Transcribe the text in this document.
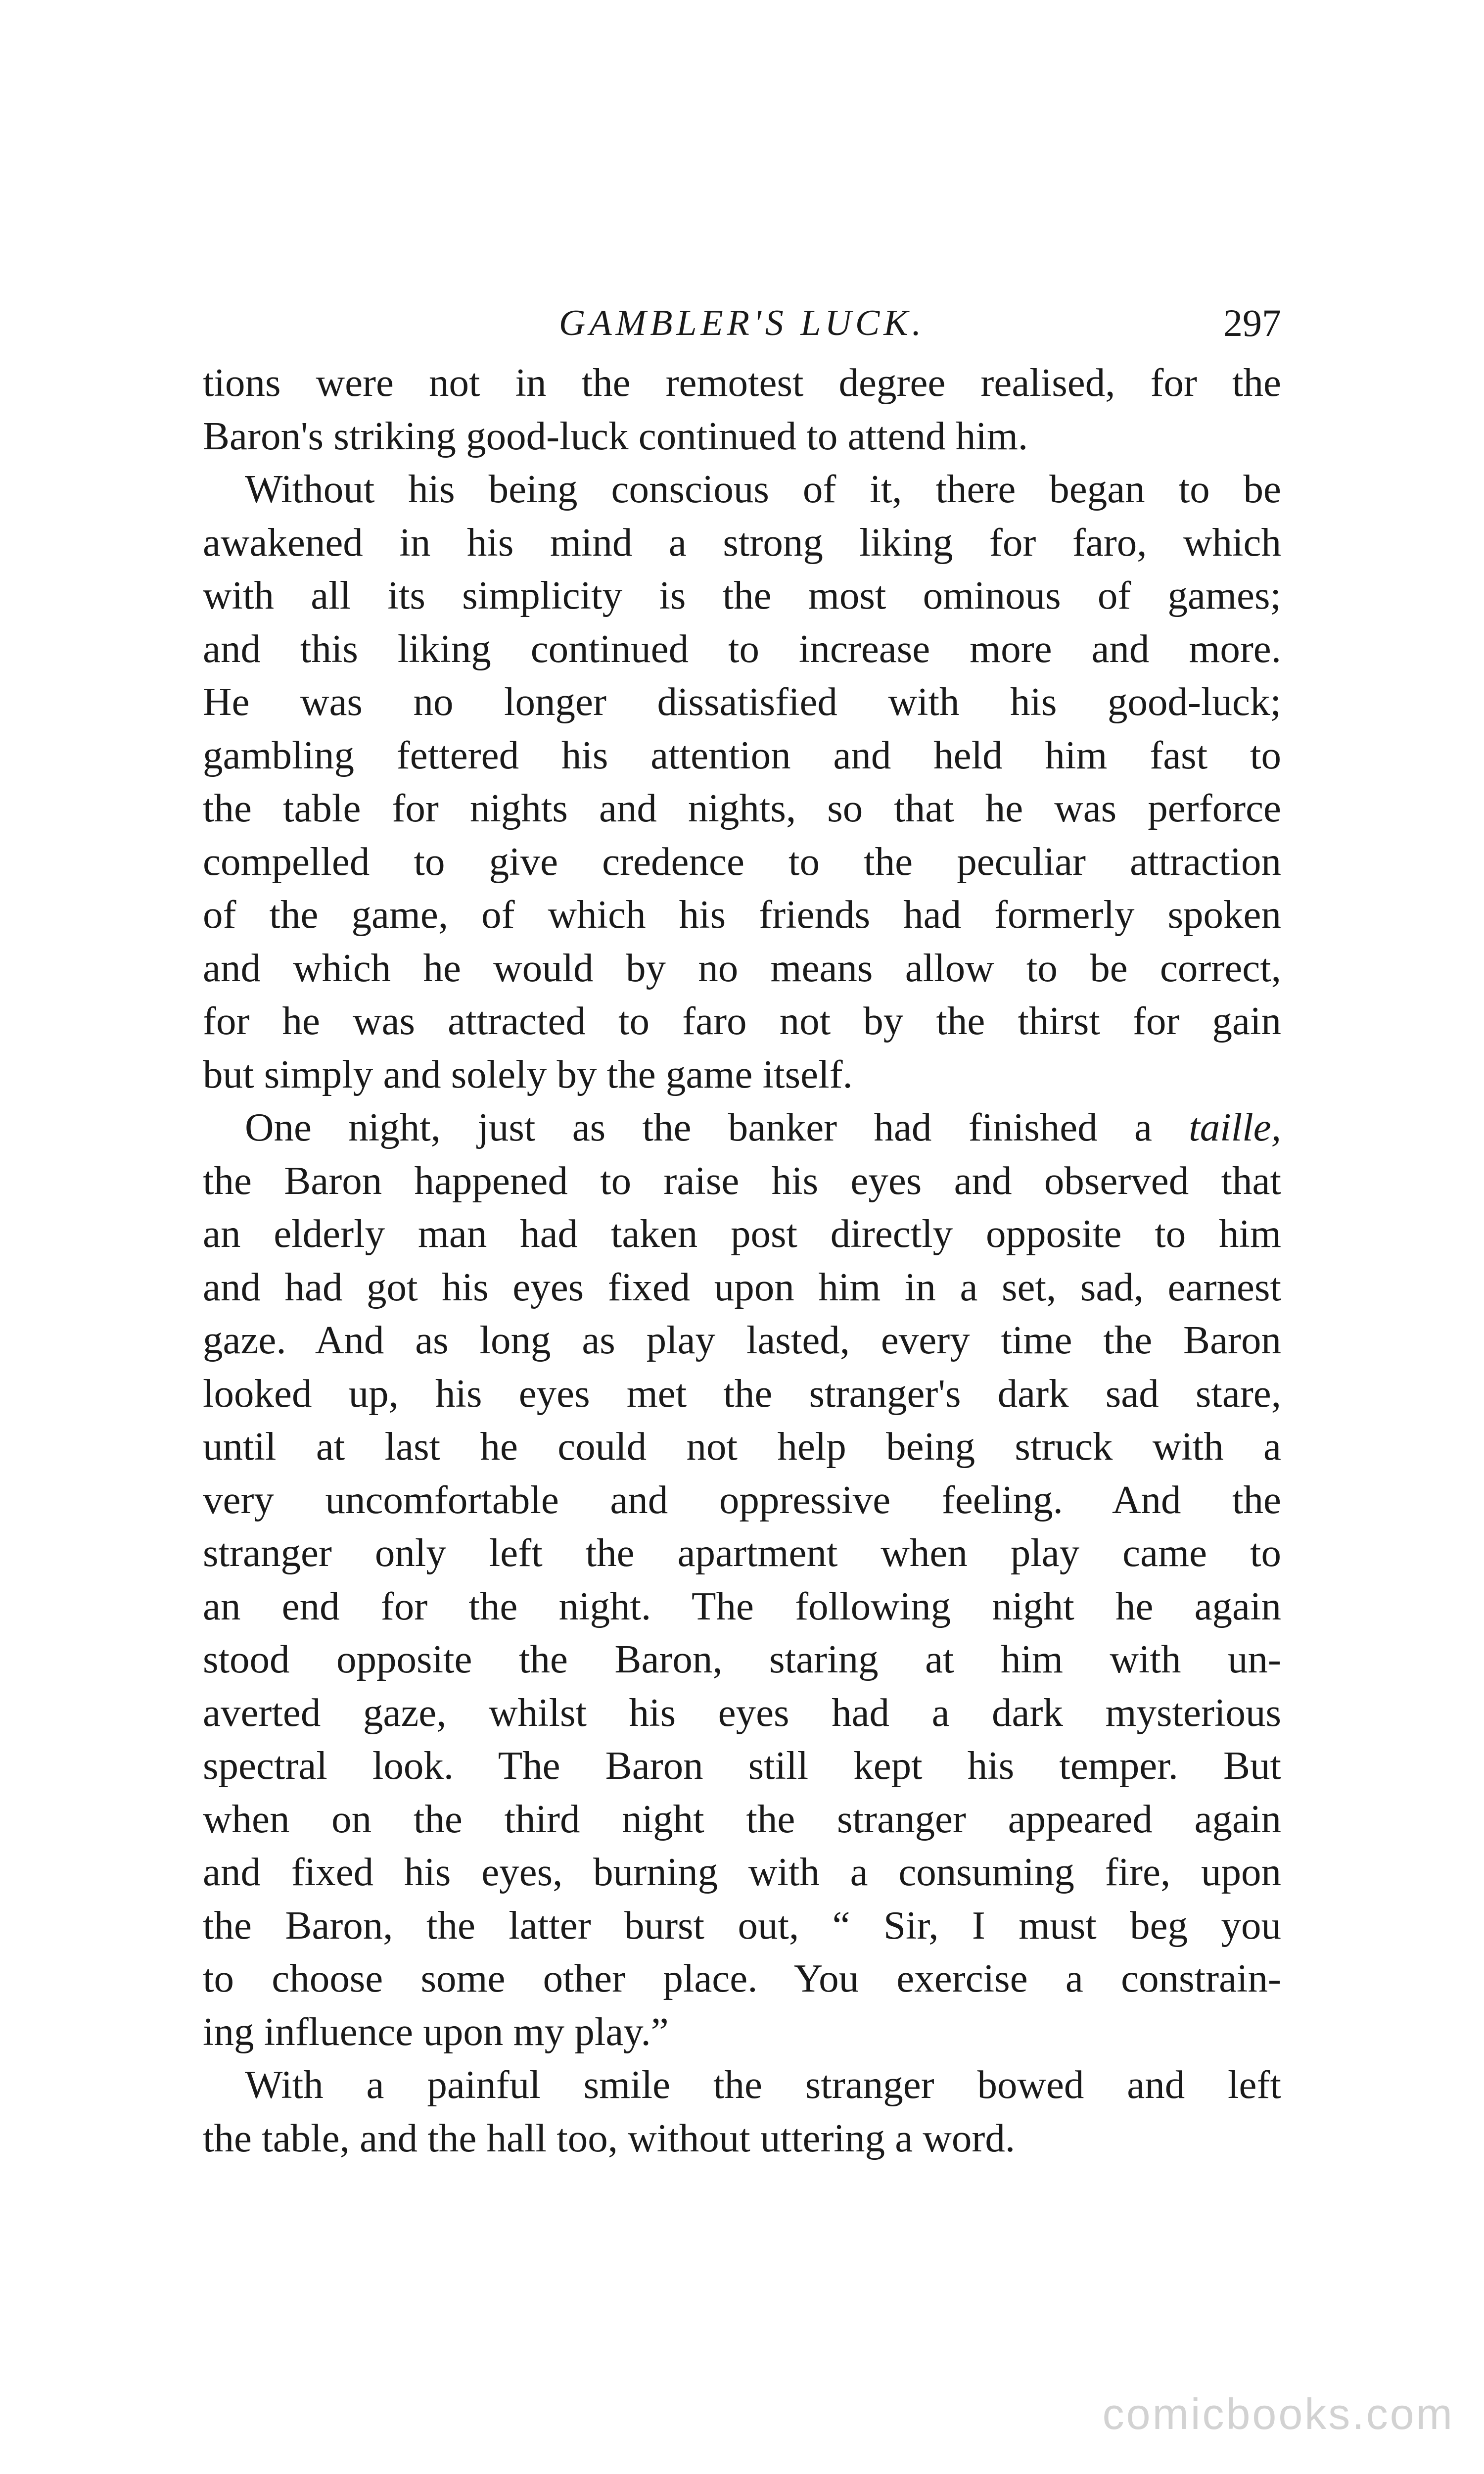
GAMBLER'S LUCK.	297
tions were not in the remotest degree realised, for the
Baron's striking good-luck continued to attend him.
Without his being conscious of it, there began to be
awakened in his mind a strong liking for faro, which
with all its simplicity is the most ominous of games;
and this liking continued to increase more and more.
He was no longer dissatisfied with his good-luck;
gambling fettered his attention and held him fast to
the table for nights and nights, so that he was perforce
compelled to give credence to the peculiar attraction
of the game, of which his friends had formerly spoken
and which he would by no means allow to be correct,
for he was attracted to faro not by the thirst for gain
but simply and solely by the game itself.
One night, just as the banker had finished a taille,
the Baron happened to raise his eyes and observed that
an elderly man had taken post directly opposite to him
and had got his eyes fixed upon him in a set, sad, earnest
gaze. And as long as play lasted, every time the Baron
looked up, his eyes met the stranger's dark sad stare,
until at last he could not help being struck with a
very uncomfortable and oppressive feeling. And the
stranger only left the apartment when play came to
an end for the night. The following night he again
stood opposite the Baron, staring at him with un-
averted gaze, whilst his eyes had a dark mysterious
spectral look. The Baron still kept his temper. But
when on the third night the stranger appeared again
and fixed his eyes, burning with a consuming fire, upon
the Baron, the latter burst out, “ Sir, I must beg you
to choose some other place. You exercise a constrain-
ing influence upon my play.”
With a painful smile the stranger bowed and left
the table, and the hall too, without uttering a word.
comicbooks.com
